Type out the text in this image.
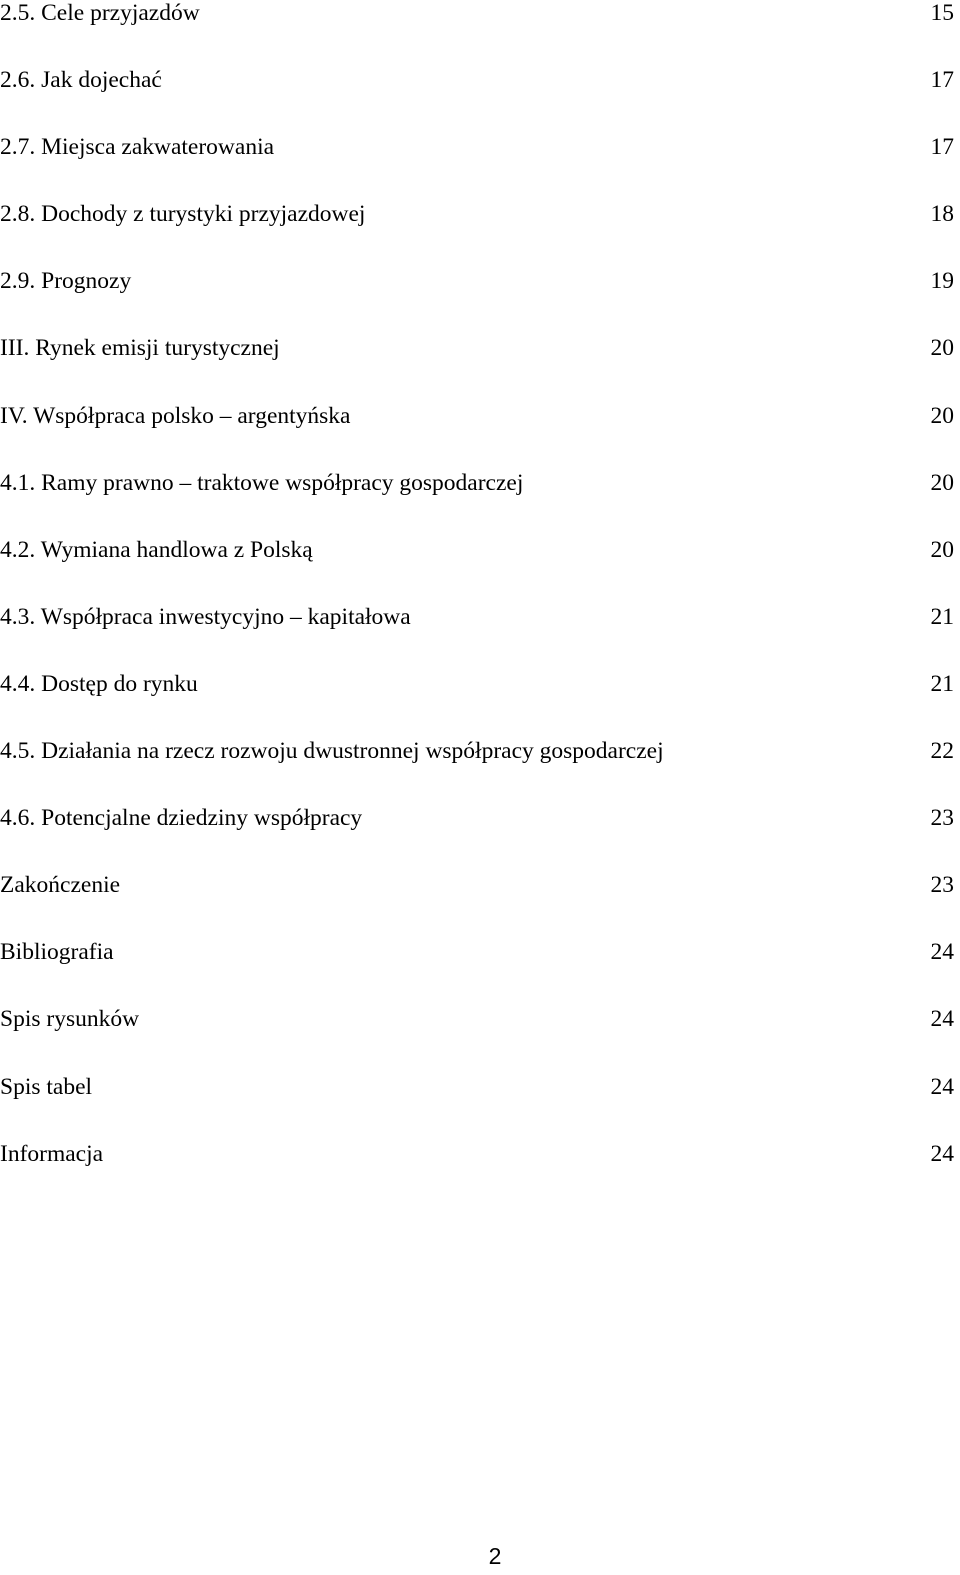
2.5. Cele przyjazdów	15
2.6. Jak dojechać	17
2.7. Miejsca zakwaterowania	17
2.8. Dochody z turystyki przyjazdowej	18
2.9. Prognozy	19
III. Rynek emisji turystycznej	20
IV. Współpraca polsko – argentyńska	20
4.1. Ramy prawno – traktowe współpracy gospodarczej	20
4.2. Wymiana handlowa z Polską	20
4.3. Współpraca inwestycyjno – kapitałowa	21
4.4. Dostęp do rynku	21
4.5. Działania na rzecz rozwoju dwustronnej współpracy gospodarczej	22
4.6. Potencjalne dziedziny współpracy	23
Zakończenie	23
Bibliografia	24
Spis rysunków	24
Spis tabel	24
Informacja	24
2
